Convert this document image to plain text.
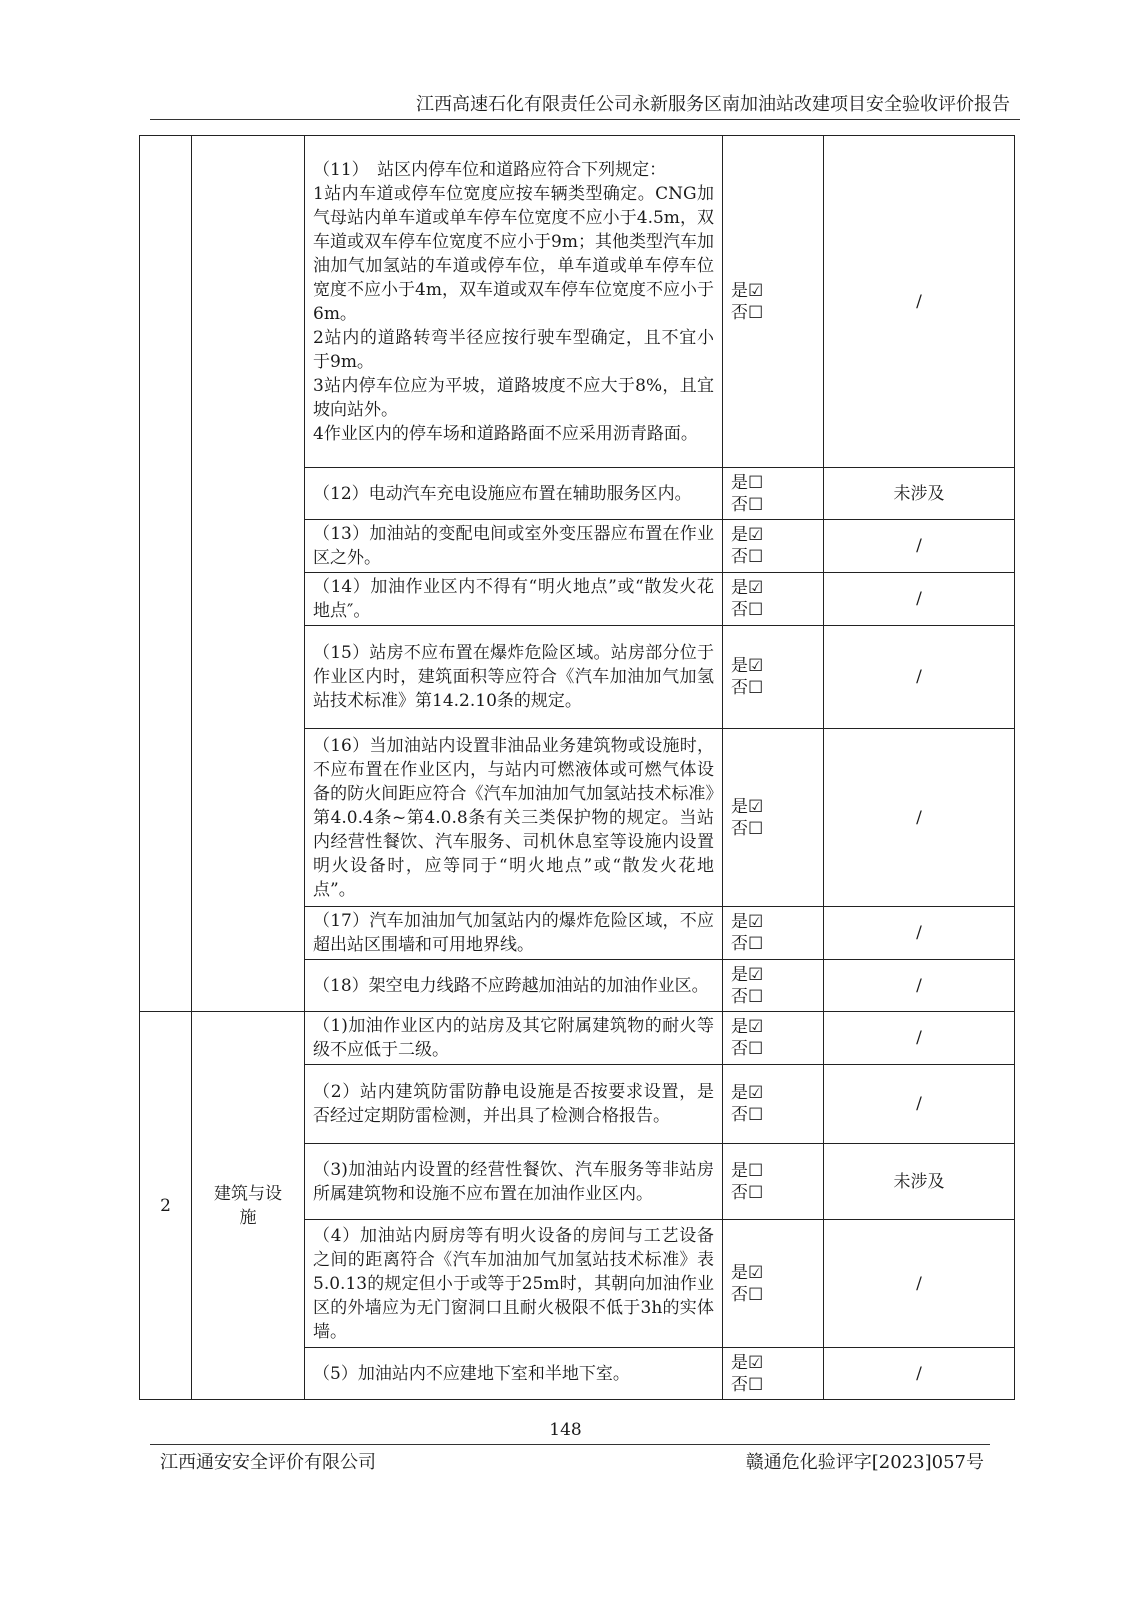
江西高速石化有限责任公司永新服务区南加油站改建项目安全验收评价报告

		（11）　站区内停车位和道路应符合下列规定：
1站内车道或停车位宽度应按车辆类型确定。CNG加气母站内单车道或单车停车位宽度不应小于4.5m，双车道或双车停车位宽度不应小于9m；其他类型汽车加油加气加氢站的车道或停车位，单车道或单车停车位宽度不应小于4m，双车道或双车停车位宽度不应小于6m。
2站内的道路转弯半径应按行驶车型确定，且不宜小于9m。
3站内停车位应为平坡，道路坡度不应大于8%，且宜坡向站外。
4作业区内的停车场和道路路面不应采用沥青路面。	是☑
否☐	/

		（12）电动汽车充电设施应布置在辅助服务区内。	是☐
否☐	未涉及

		（13）加油站的变配电间或室外变压器应布置在作业区之外。	是☑
否☐	/

		（14）加油作业区内不得有“明火地点”或“散发火花地点″。	是☑
否☐	/

		（15）站房不应布置在爆炸危险区域。站房部分位于作业区内时，建筑面积等应符合《汽车加油加气加氢站技术标准》第14.2.10条的规定。	是☑
否☐	/

		（16）当加油站内设置非油品业务建筑物或设施时，不应布置在作业区内，与站内可燃液体或可燃气体设备的防火间距应符合《汽车加油加气加氢站技术标准》第4.0.4条~第4.0.8条有关三类保护物的规定。当站内经营性餐饮、汽车服务、司机休息室等设施内设置明火设备时，应等同于“明火地点”或“散发火花地点”。	是☑
否☐	/

		（17）汽车加油加气加氢站内的爆炸危险区域，不应超出站区围墙和可用地界线。	是☑
否☐	/

		（18）架空电力线路不应跨越加油站的加油作业区。	是☑
否☐	/
2	建筑与设施	（1)加油作业区内的站房及其它附属建筑物的耐火等级不应低于二级。	是☑
否☐	/

		（2）站内建筑防雷防静电设施是否按要求设置，是否经过定期防雷检测，并出具了检测合格报告。	是☑
否☐	/

		（3)加油站内设置的经营性餐饮、汽车服务等非站房所属建筑物和设施不应布置在加油作业区内。	是☐
否☐	未涉及

		（4）加油站内厨房等有明火设备的房间与工艺设备之间的距离符合《汽车加油加气加氢站技术标准》表5.0.13的规定但小于或等于25m时，其朝向加油作业区的外墙应为无门窗洞口且耐火极限不低于3h的实体墙。	是☑
否☐	/

		（5）加油站内不应建地下室和半地下室。	是☑
否☐	/
148
江西通安安全评价有限公司	赣通危化验评字[2023]057号
